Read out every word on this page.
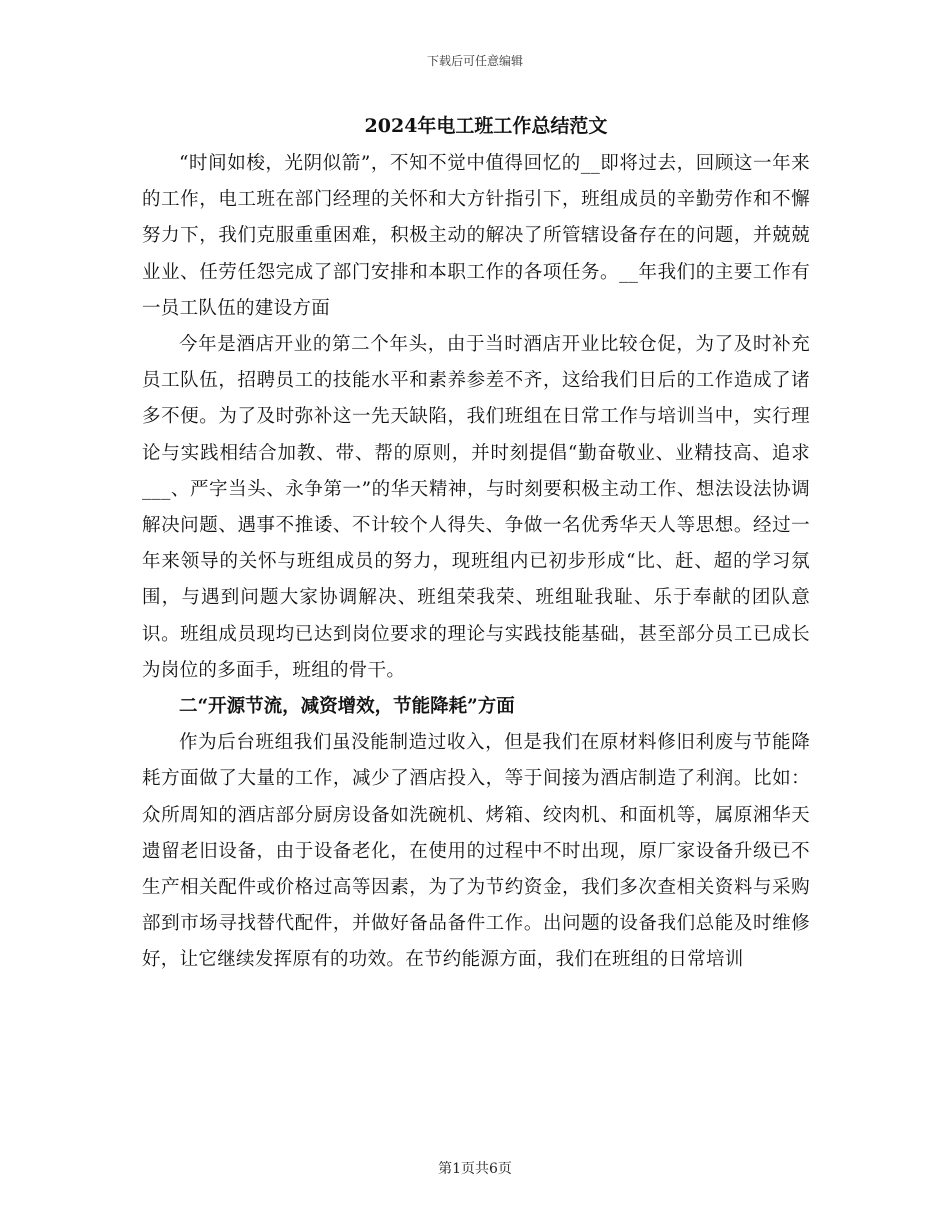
下载后可任意编辑
2024年电工班工作总结范文

“时间如梭，光阴似箭”，不知不觉中值得回忆的__即将过去，回顾这一年来的工作，电工班在部门经理的关怀和大方针指引下，班组成员的辛勤劳作和不懈努力下，我们克服重重困难，积极主动的解决了所管辖设备存在的问题，并兢兢业业、任劳任怨完成了部门安排和本职工作的各项任务。__年我们的主要工作有一员工队伍的建设方面

今年是酒店开业的第二个年头，由于当时酒店开业比较仓促，为了及时补充员工队伍，招聘员工的技能水平和素养参差不齐，这给我们日后的工作造成了诸多不便。为了及时弥补这一先天缺陷，我们班组在日常工作与培训当中，实行理论与实践相结合加教、带、帮的原则，并时刻提倡“勤奋敬业、业精技高、追求___、严字当头、永争第一”的华天精神，与时刻要积极主动工作、想法设法协调解决问题、遇事不推诿、不计较个人得失、争做一名优秀华天人等思想。经过一年来领导的关怀与班组成员的努力，现班组内已初步形成“比、赶、超的学习氛围，与遇到问题大家协调解决、班组荣我荣、班组耻我耻、乐于奉献的团队意识。班组成员现均已达到岗位要求的理论与实践技能基础，甚至部分员工已成长为岗位的多面手，班组的骨干。

二“开源节流，减资增效，节能降耗”方面

作为后台班组我们虽没能制造过收入，但是我们在原材料修旧利废与节能降耗方面做了大量的工作，减少了酒店投入，等于间接为酒店制造了利润。比如：众所周知的酒店部分厨房设备如洗碗机、烤箱、绞肉机、和面机等，属原湘华天遗留老旧设备，由于设备老化，在使用的过程中不时出现，原厂家设备升级已不生产相关配件或价格过高等因素，为了为节约资金，我们多次查相关资料与采购部到市场寻找替代配件，并做好备品备件工作。出问题的设备我们总能及时维修好，让它继续发挥原有的功效。在节约能源方面，我们在班组的日常培训

第1页共6页
